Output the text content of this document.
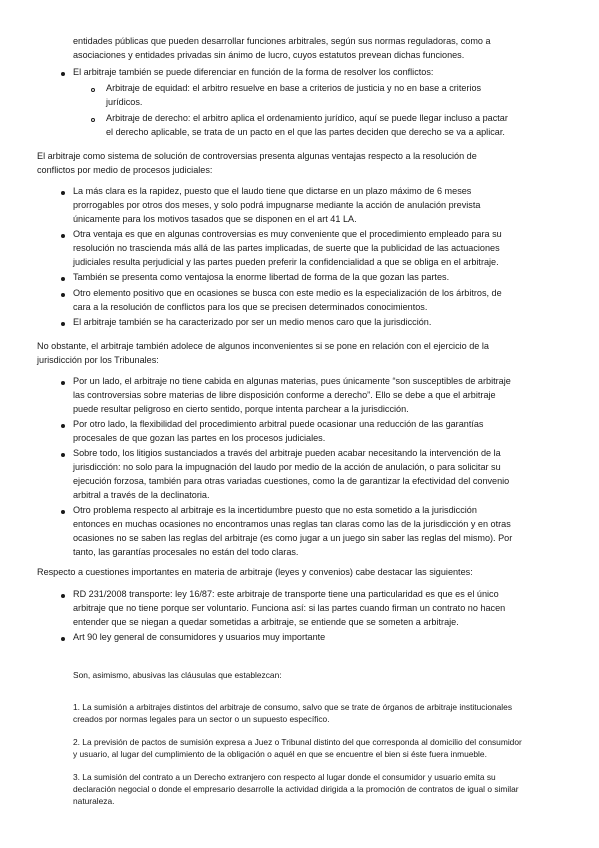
entidades públicas que pueden desarrollar funciones arbitrales, según sus normas reguladoras, como a
asociaciones y entidades privadas sin ánimo de lucro, cuyos estatutos prevean dichas funciones.
El arbitraje también se puede diferenciar en función de la forma de resolver los conflictos:
Arbitraje de equidad: el arbitro resuelve en base a criterios de justicia y no en base a criterios
jurídicos.
Arbitraje de derecho: el arbitro aplica el ordenamiento jurídico, aquí se puede llegar incluso a pactar
el derecho aplicable, se trata de un pacto en el que las partes deciden que derecho se va a aplicar.
El arbitraje como sistema de solución de controversias presenta algunas ventajas respecto a la resolución de
conflictos por medio de procesos judiciales:
La más clara es la rapidez, puesto que el laudo tiene que dictarse en un plazo máximo de 6 meses
prorrogables por otros dos meses, y solo podrá impugnarse mediante la acción de anulación prevista
únicamente para los motivos tasados que se disponen en el art 41 LA.
Otra ventaja es que en algunas controversias es muy conveniente que el procedimiento empleado para su
resolución no trascienda más allá de las partes implicadas, de suerte que la publicidad de las actuaciones
judiciales resulta perjudicial y las partes pueden preferir la confidencialidad a que se obliga en el arbitraje.
También se presenta como ventajosa la enorme libertad de forma de la que gozan las partes.
Otro elemento positivo que en ocasiones se busca con este medio es la especialización de los árbitros, de
cara a la resolución de conflictos para los que se precisen determinados conocimientos.
El arbitraje también se ha caracterizado por ser un medio menos caro que la jurisdicción.
No obstante, el arbitraje también adolece de algunos inconvenientes si se pone en relación con el ejercicio de la
jurisdicción por los Tribunales:
Por un lado, el arbitraje no tiene cabida en algunas materias, pues únicamente “son susceptibles de arbitraje
las controversias sobre materias de libre disposición conforme a derecho”. Ello se debe a que el arbitraje
puede resultar peligroso en cierto sentido, porque intenta parchear a la jurisdicción.
Por otro lado, la flexibilidad del procedimiento arbitral puede ocasionar una reducción de las garantías
procesales de que gozan las partes en los procesos judiciales.
Sobre todo, los litigios sustanciados a través del arbitraje pueden acabar necesitando la intervención de la
jurisdicción: no solo para la impugnación del laudo por medio de la acción de anulación, o para solicitar su
ejecución forzosa, también para otras variadas cuestiones, como la de garantizar la efectividad del convenio
arbitral a través de la declinatoria.
Otro problema respecto al arbitraje es la incertidumbre puesto que no esta sometido a la jurisdicción
entonces en muchas ocasiones no encontramos unas reglas tan claras como las de la jurisdicción y en otras
ocasiones no se saben las reglas del arbitraje (es como jugar a un juego sin saber las reglas del mismo). Por
tanto, las garantías procesales no están del todo claras.
Respecto a cuestiones importantes en materia de arbitraje (leyes y convenios) cabe destacar las siguientes:
RD 231/2008 transporte: ley 16/87: este arbitraje de transporte tiene una particularidad es que es el único
arbitraje que no tiene porque ser voluntario. Funciona así: si las partes cuando firman un contrato no hacen
entender que se niegan a quedar sometidas a arbitraje, se entiende que se someten a arbitraje.
Art 90 ley general de consumidores y usuarios muy importante
Son, asimismo, abusivas las cláusulas que establezcan:
1. La sumisión a arbitrajes distintos del arbitraje de consumo, salvo que se trate de órganos de arbitraje institucionales
creados por normas legales para un sector o un supuesto específico.
2. La previsión de pactos de sumisión expresa a Juez o Tribunal distinto del que corresponda al domicilio del consumidor
y usuario, al lugar del cumplimiento de la obligación o aquél en que se encuentre el bien si éste fuera inmueble.
3. La sumisión del contrato a un Derecho extranjero con respecto al lugar donde el consumidor y usuario emita su
declaración negocial o donde el empresario desarrolle la actividad dirigida a la promoción de contratos de igual o similar
naturaleza.
